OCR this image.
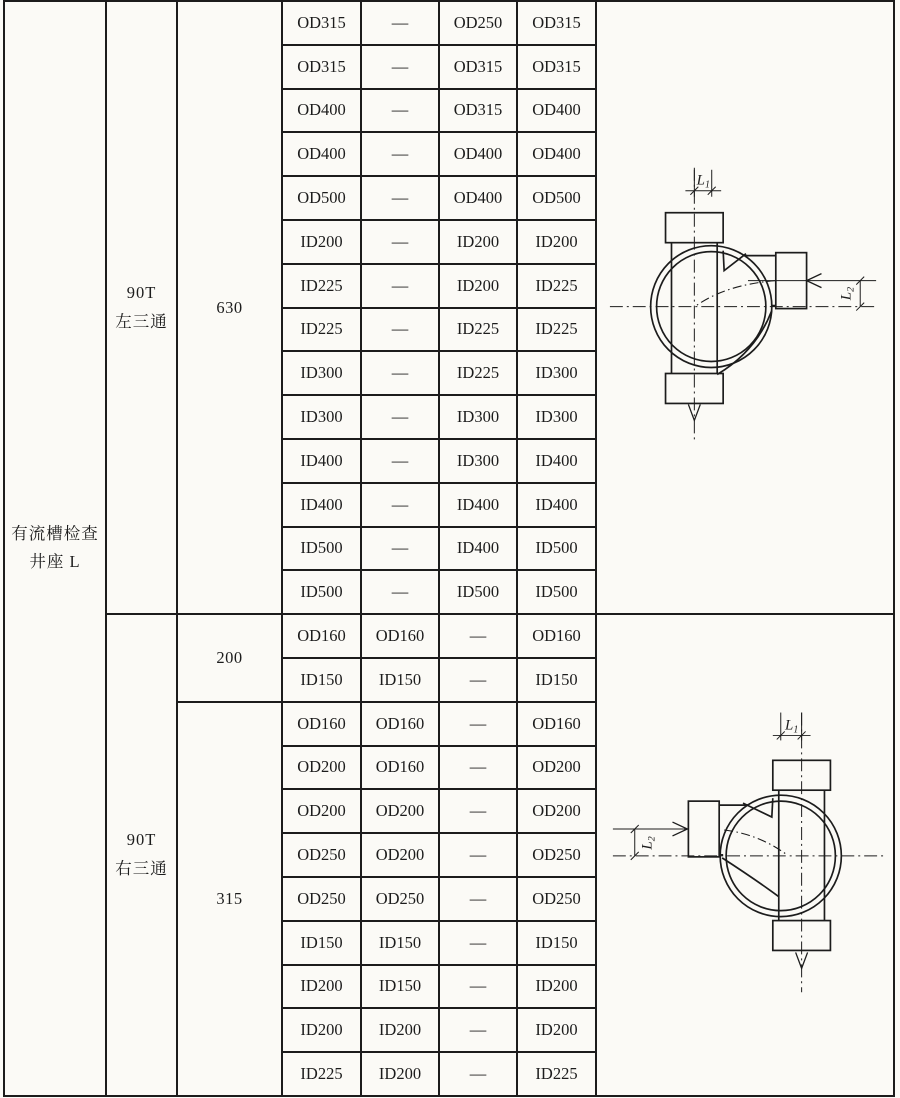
有流槽检查
井座 L

90T
左三通
	630	OD315	—	OD250	OD315	
$L_1$
$L_2$

			OD315	—	OD315	OD315	
			OD400	—	OD315	OD400	
			OD400	—	OD400	OD400	
			OD500	—	OD400	OD500	
			ID200	—	ID200	ID200	
			ID225	—	ID200	ID225	
			ID225	—	ID225	ID225	
			ID300	—	ID225	ID300	
			ID300	—	ID300	ID300	
			ID400	—	ID300	ID400	
			ID400	—	ID400	ID400	
			ID500	—	ID400	ID500	
			ID500	—	ID500	ID500	

90T
右三通
	200	OD160	OD160	—	OD160	
$L_1$
$L_2$

			ID150	ID150	—	ID150	
		315	OD160	OD160	—	OD160	
			OD200	OD160	—	OD200	
			OD200	OD200	—	OD200	
			OD250	OD200	—	OD250	
			OD250	OD250	—	OD250	
			ID150	ID150	—	ID150	
			ID200	ID150	—	ID200	
			ID200	ID200	—	ID200	
			ID225	ID200	—	ID225	
